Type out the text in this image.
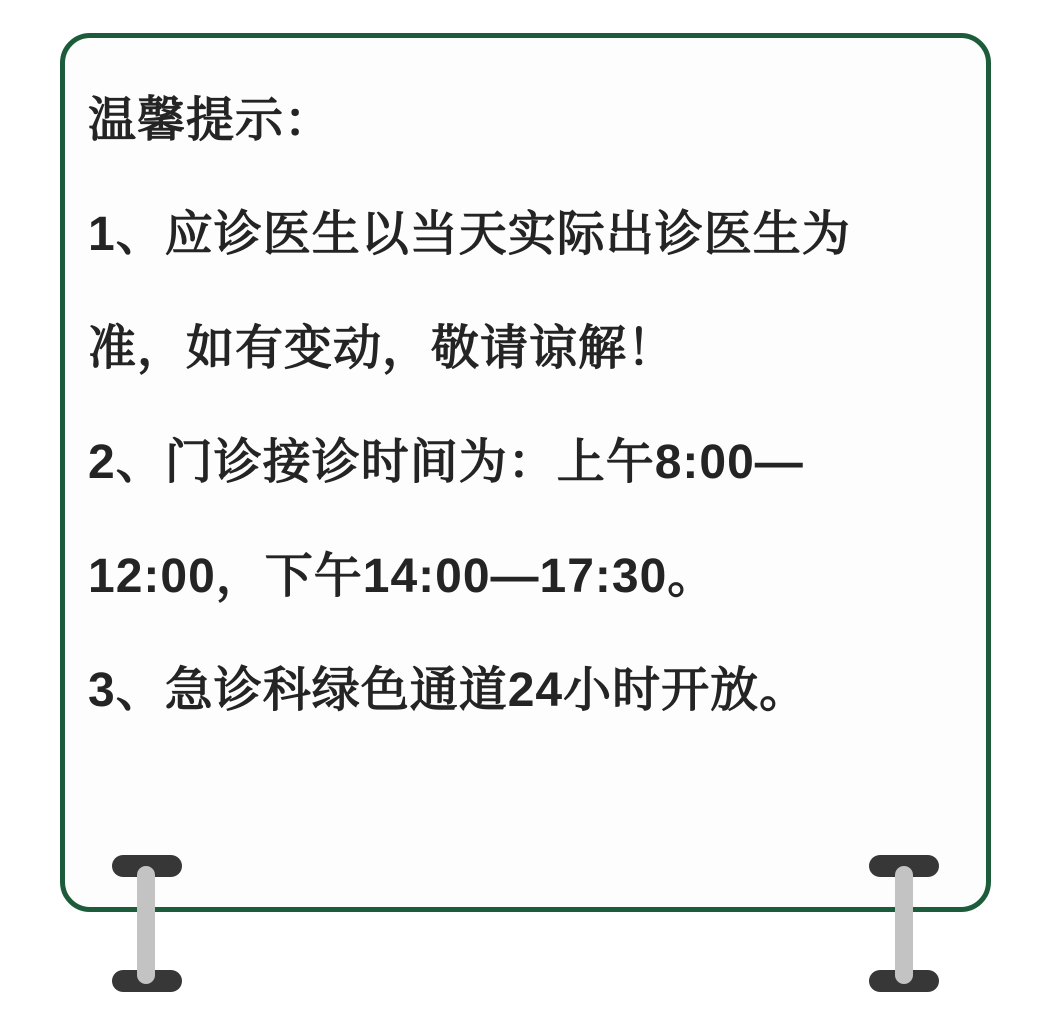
温馨提示：
1、应诊医生以当天实际出诊医生为
准，如有变动，敬请谅解！
2、门诊接诊时间为：上午8:00—
12:00，下午14:00—17:30。
3、急诊科绿色通道24小时开放。
